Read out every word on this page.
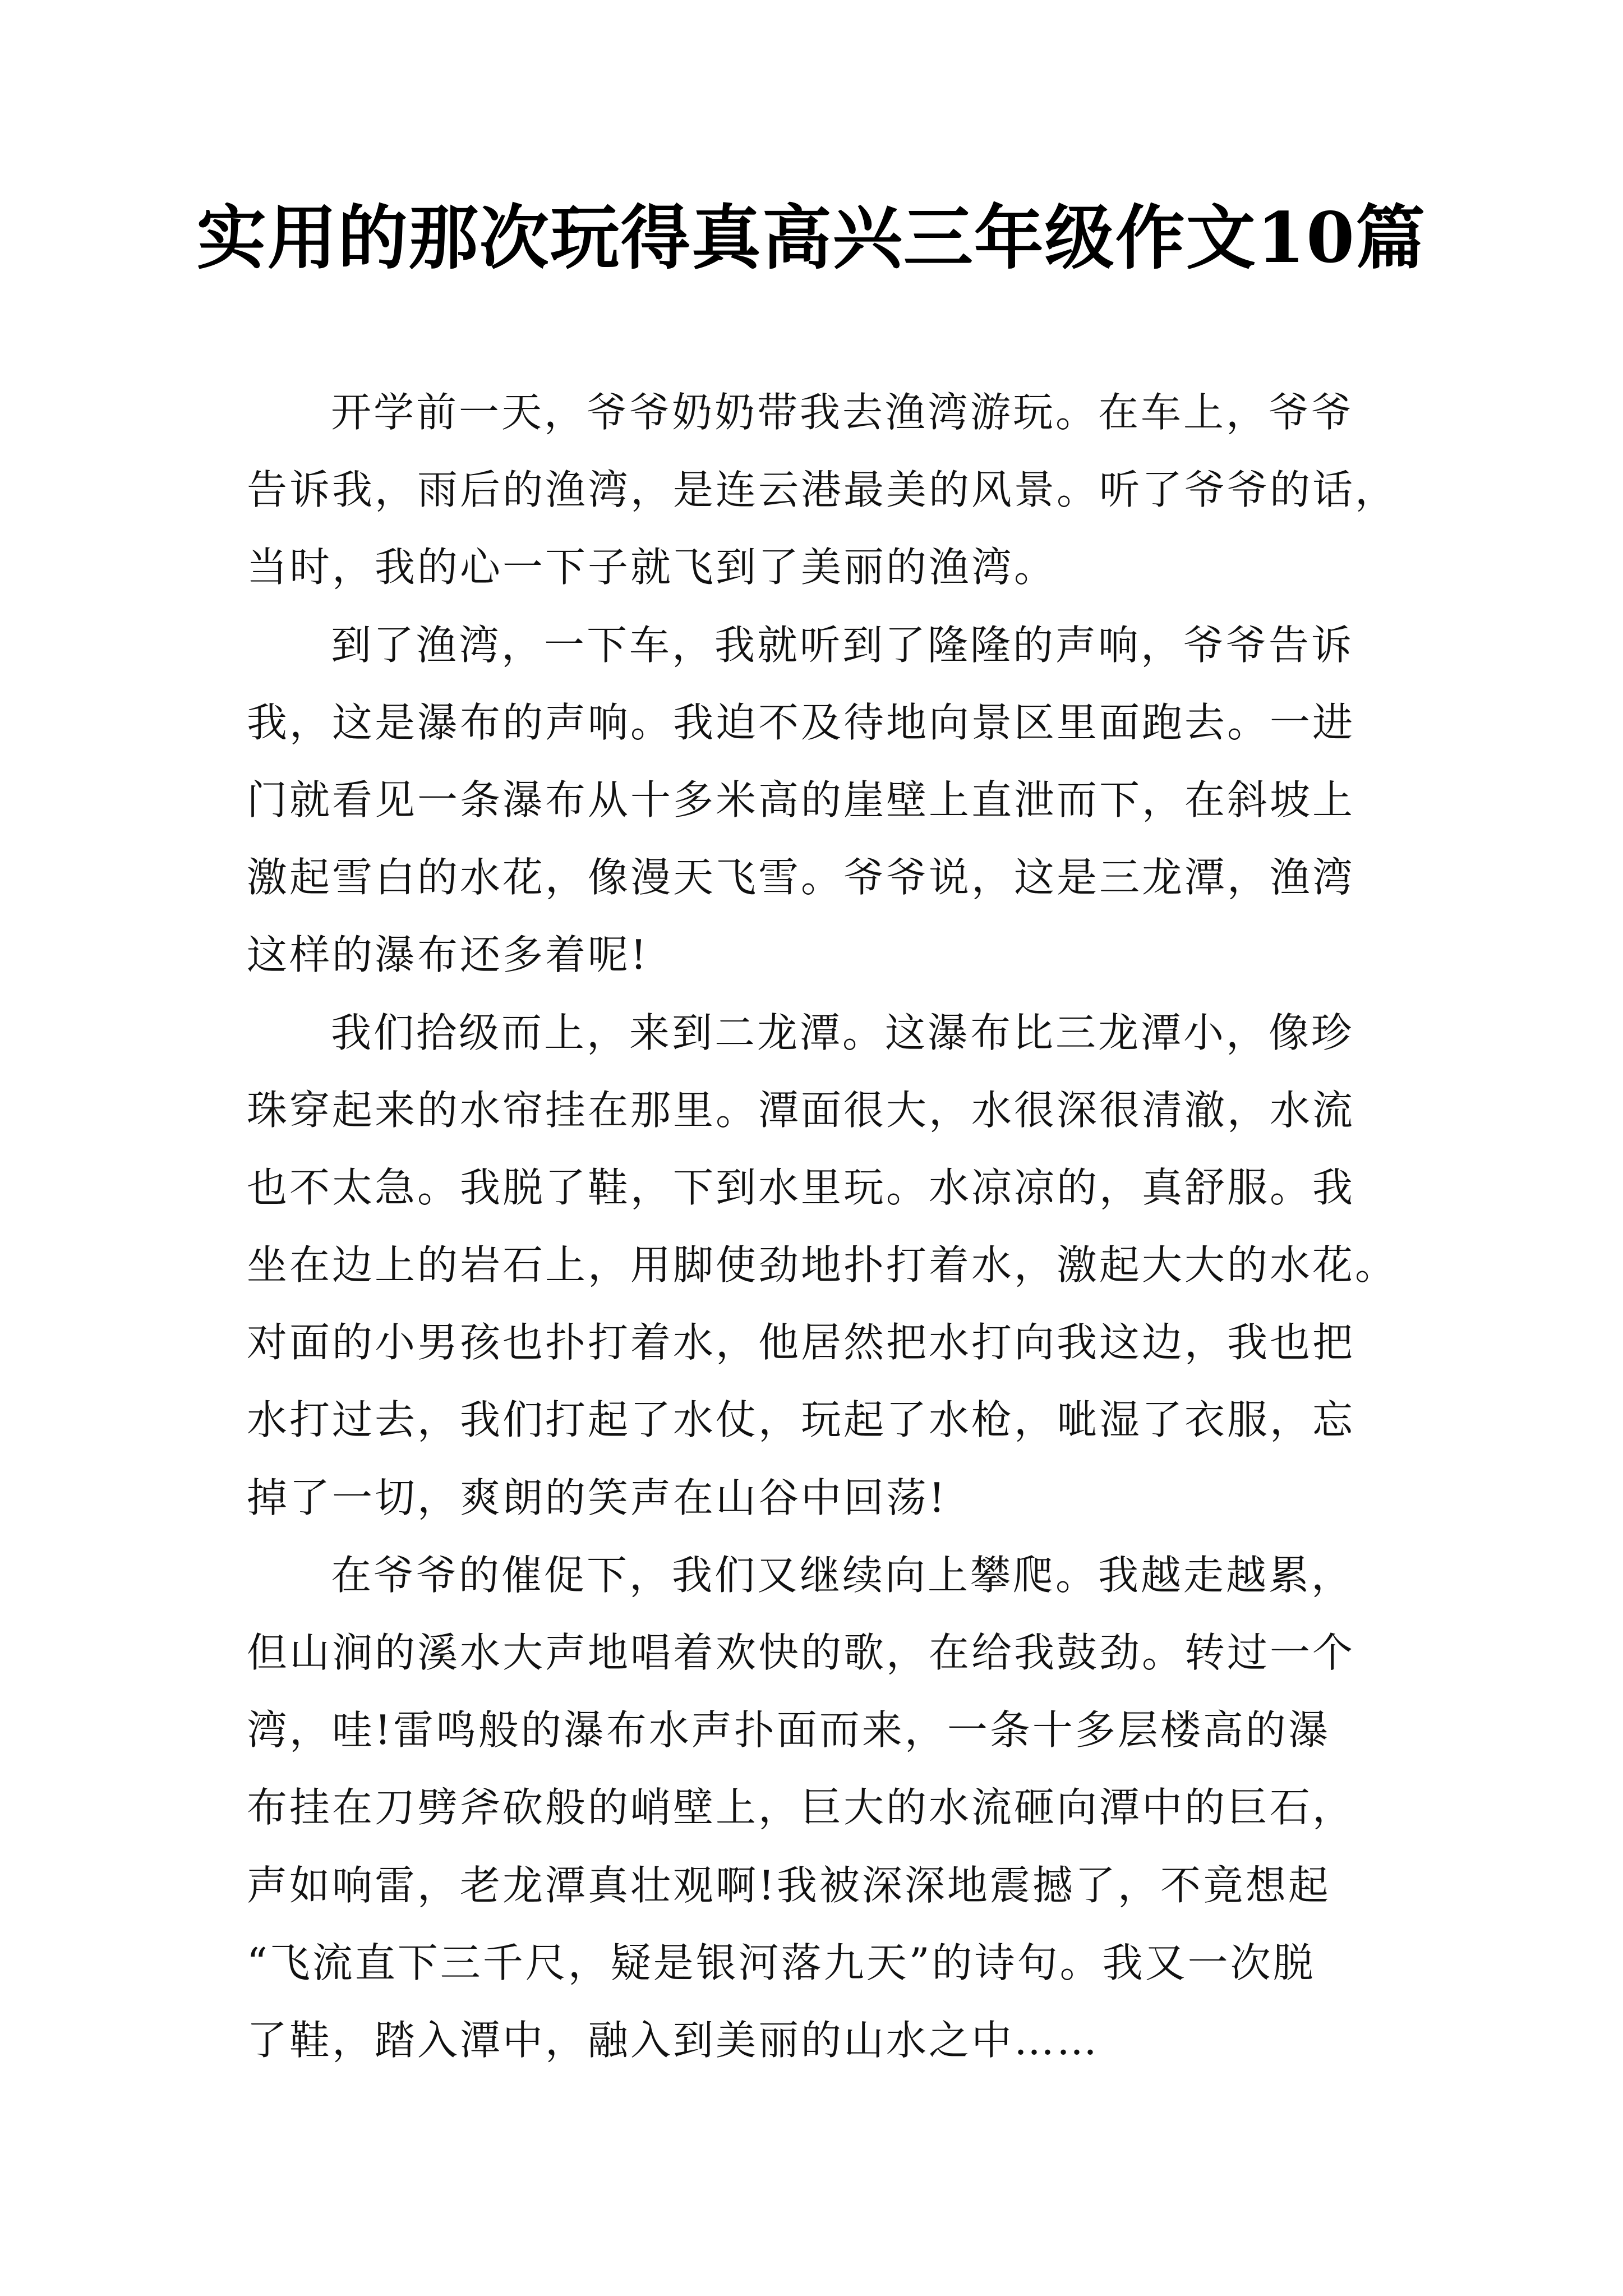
实用的那次玩得真高兴三年级作文10篇
开学前一天，爷爷奶奶带我去渔湾游玩。在车上，爷爷
告诉我，雨后的渔湾，是连云港最美的风景。听了爷爷的话，
当时，我的心一下子就飞到了美丽的渔湾。
到了渔湾，一下车，我就听到了隆隆的声响，爷爷告诉
我，这是瀑布的声响。我迫不及待地向景区里面跑去。一进
门就看见一条瀑布从十多米高的崖壁上直泄而下，在斜坡上
激起雪白的水花，像漫天飞雪。爷爷说，这是三龙潭，渔湾
这样的瀑布还多着呢!
我们拾级而上，来到二龙潭。这瀑布比三龙潭小，像珍
珠穿起来的水帘挂在那里。潭面很大，水很深很清澈，水流
也不太急。我脱了鞋，下到水里玩。水凉凉的，真舒服。我
坐在边上的岩石上，用脚使劲地扑打着水，激起大大的水花。
对面的小男孩也扑打着水，他居然把水打向我这边，我也把
水打过去，我们打起了水仗，玩起了水枪，呲湿了衣服，忘
掉了一切，爽朗的笑声在山谷中回荡!
在爷爷的催促下，我们又继续向上攀爬。我越走越累，
但山涧的溪水大声地唱着欢快的歌，在给我鼓劲。转过一个
湾，哇!雷鸣般的瀑布水声扑面而来，一条十多层楼高的瀑
布挂在刀劈斧砍般的峭壁上，巨大的水流砸向潭中的巨石，
声如响雷，老龙潭真壮观啊!我被深深地震撼了，不竟想起
“飞流直下三千尺，疑是银河落九天”的诗句。我又一次脱
了鞋，踏入潭中，融入到美丽的山水之中……
